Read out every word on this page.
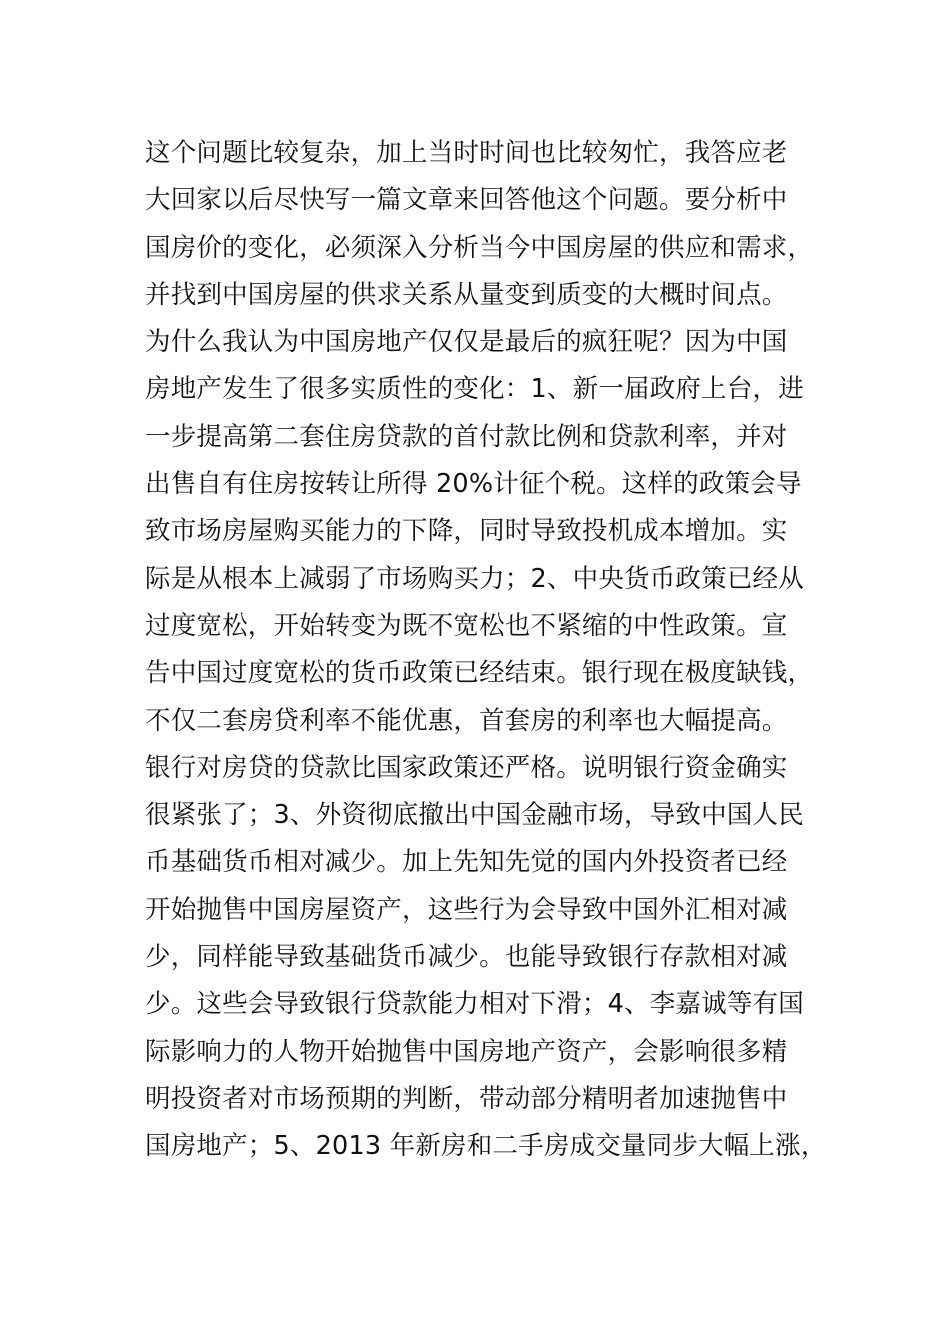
这个问题比较复杂，加上当时时间也比较匆忙，我答应老
大回家以后尽快写一篇文章来回答他这个问题。要分析中
国房价的变化，必须深入分析当今中国房屋的供应和需求，
并找到中国房屋的供求关系从量变到质变的大概时间点。
为什么我认为中国房地产仅仅是最后的疯狂呢？因为中国
房地产发生了很多实质性的变化：1、新一届政府上台，进
一步提高第二套住房贷款的首付款比例和贷款利率，并对
出售自有住房按转让所得 20%计征个税。这样的政策会导
致市场房屋购买能力的下降，同时导致投机成本增加。实
际是从根本上减弱了市场购买力；2、中央货币政策已经从
过度宽松，开始转变为既不宽松也不紧缩的中性政策。宣
告中国过度宽松的货币政策已经结束。银行现在极度缺钱，
不仅二套房贷利率不能优惠，首套房的利率也大幅提高。
银行对房贷的贷款比国家政策还严格。说明银行资金确实
很紧张了；3、外资彻底撤出中国金融市场，导致中国人民
币基础货币相对减少。加上先知先觉的国内外投资者已经
开始抛售中国房屋资产，这些行为会导致中国外汇相对减
少，同样能导致基础货币减少。也能导致银行存款相对减
少。这些会导致银行贷款能力相对下滑；4、李嘉诚等有国
际影响力的人物开始抛售中国房地产资产，会影响很多精
明投资者对市场预期的判断，带动部分精明者加速抛售中
国房地产；5、2013 年新房和二手房成交量同步大幅上涨，
